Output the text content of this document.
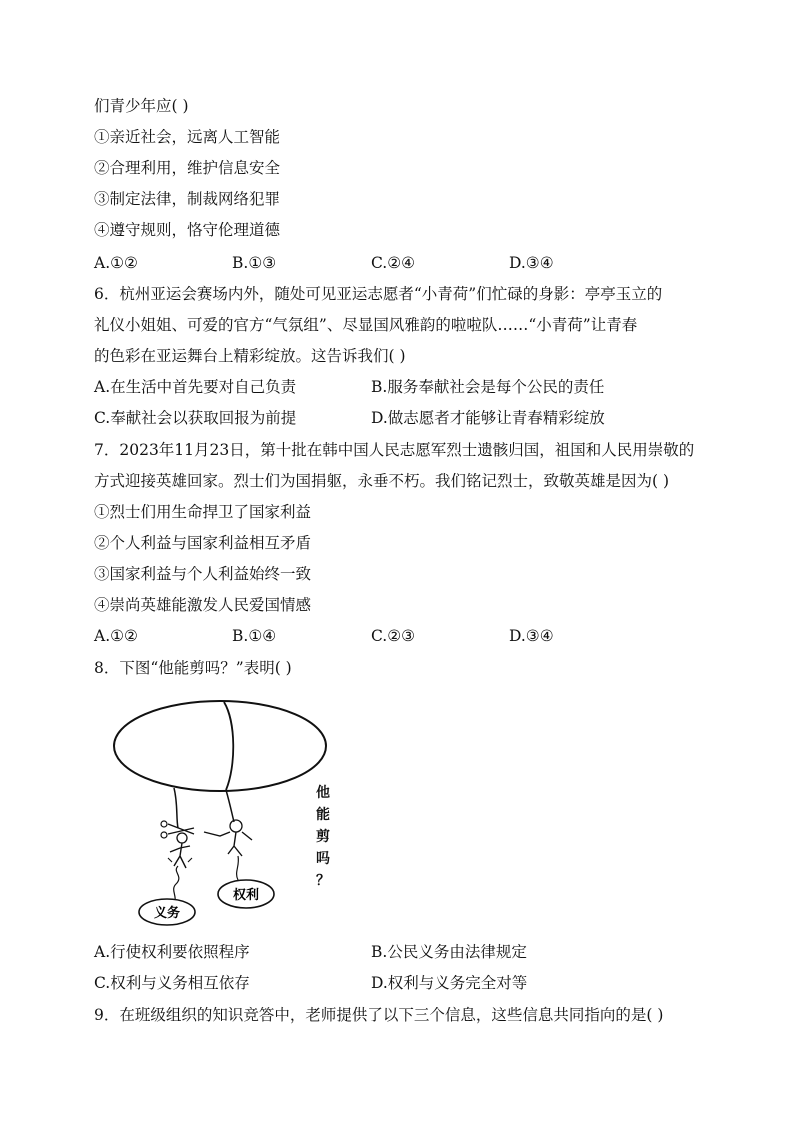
们青少年应( )
①亲近社会，远离人工智能
②合理利用，维护信息安全
③制定法律，制裁网络犯罪
④遵守规则，恪守伦理道德
A.①②	B.①③	C.②④	D.③④
6．杭州亚运会赛场内外，随处可见亚运志愿者“小青荷”们忙碌的身影：亭亭玉立的
礼仪小姐姐、可爱的官方“气氛组”、尽显国风雅韵的啦啦队……“小青荷”让青春
的色彩在亚运舞台上精彩绽放。这告诉我们( )
A.在生活中首先要对自己负责	B.服务奉献社会是每个公民的责任
C.奉献社会以获取回报为前提	D.做志愿者才能够让青春精彩绽放
7．2023年11月23日，第十批在韩中国人民志愿军烈士遗骸归国，祖国和人民用崇敬的
方式迎接英雄回家。烈士们为国捐躯，永垂不朽。我们铭记烈士，致敬英雄是因为( )
①烈士们用生命捍卫了国家利益
②个人利益与国家利益相互矛盾
③国家利益与个人利益始终一致
④崇尚英雄能激发人民爱国情感
A.①②	B.①④	C.②③	D.③④
8．下图“他能剪吗？”表明( )
权利
义务
他
能
剪
吗
？
A.行使权利要依照程序	B.公民义务由法律规定
C.权利与义务相互依存	D.权利与义务完全对等
9．在班级组织的知识竞答中，老师提供了以下三个信息，这些信息共同指向的是( )
